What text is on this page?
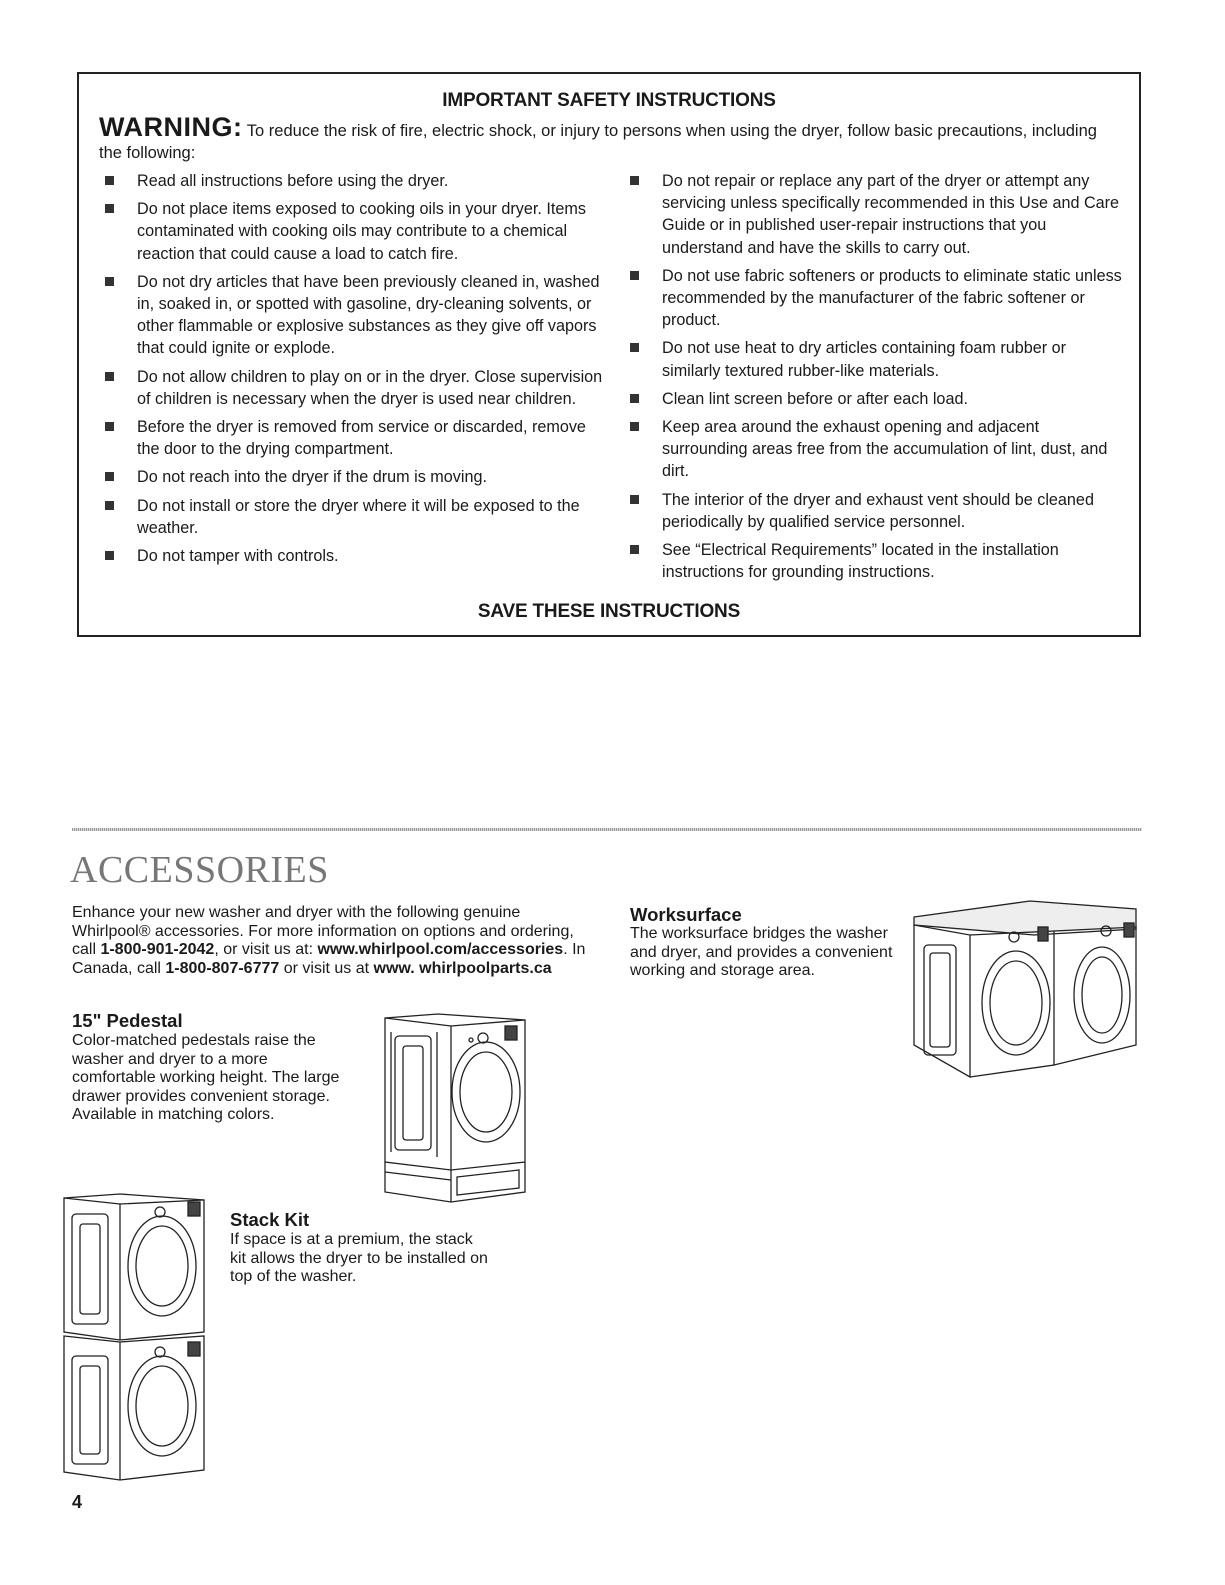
IMPORTANT SAFETY INSTRUCTIONS
WARNING: To reduce the risk of fire, electric shock, or injury to persons when using the dryer, follow basic precautions, including the following:
Read all instructions before using the dryer.
Do not place items exposed to cooking oils in your dryer. Items contaminated with cooking oils may contribute to a chemical reaction that could cause a load to catch fire.
Do not dry articles that have been previously cleaned in, washed in, soaked in, or spotted with gasoline, dry-cleaning solvents, or other flammable or explosive substances as they give off vapors that could ignite or explode.
Do not allow children to play on or in the dryer. Close supervision of children is necessary when the dryer is used near children.
Before the dryer is removed from service or discarded, remove the door to the drying compartment.
Do not reach into the dryer if the drum is moving.
Do not install or store the dryer where it will be exposed to the weather.
Do not tamper with controls.
Do not repair or replace any part of the dryer or attempt any servicing unless specifically recommended in this Use and Care Guide or in published user-repair instructions that you understand and have the skills to carry out.
Do not use fabric softeners or products to eliminate static unless recommended by the manufacturer of the fabric softener or product.
Do not use heat to dry articles containing foam rubber or similarly textured rubber-like materials.
Clean lint screen before or after each load.
Keep area around the exhaust opening and adjacent surrounding areas free from the accumulation of lint, dust, and dirt.
The interior of the dryer and exhaust vent should be cleaned periodically by qualified service personnel.
See “Electrical Requirements” located in the installation instructions for grounding instructions.
SAVE THESE INSTRUCTIONS
ACCESSORIES
Enhance your new washer and dryer with the following genuine Whirlpool® accessories. For more information on options and ordering, call 1-800-901-2042, or visit us at: www.whirlpool.com/accessories. In Canada, call 1-800-807-6777 or visit us at www. whirlpoolparts.ca
15" Pedestal
Color-matched pedestals raise the washer and dryer to a more comfortable working height. The large drawer provides convenient storage. Available in matching colors.
Stack Kit
If space is at a premium, the stack kit allows the dryer to be installed on top of the washer.
Worksurface
The worksurface bridges the washer and dryer, and provides a convenient working and storage area.
4
